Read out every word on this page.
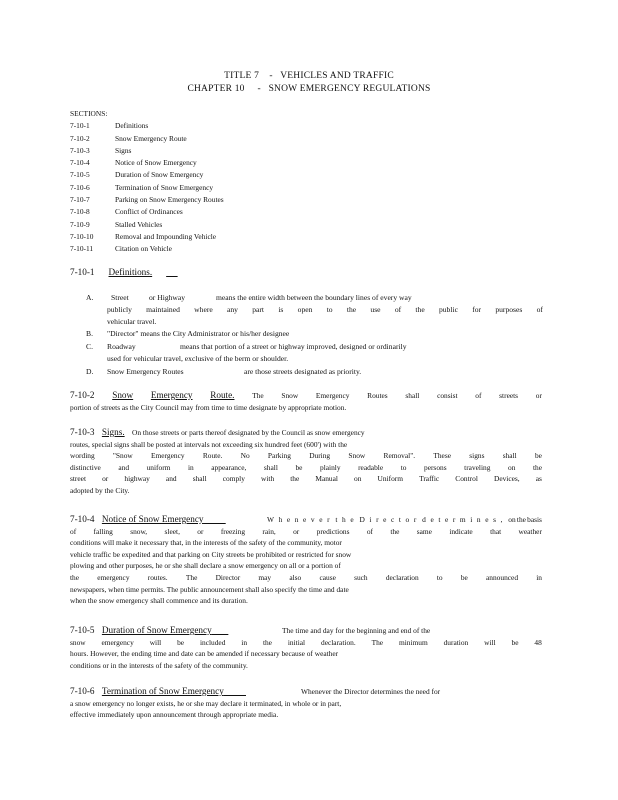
TITLE 7    -   VEHICLES AND TRAFFIC
CHAPTER 10     -   SNOW EMERGENCY REGULATIONS
SECTIONS:
7-10-1	Definitions
7-10-2	Snow Emergency Route
7-10-3	Signs
7-10-4	Notice of Snow Emergency
7-10-5	Duration of Snow Emergency
7-10-6	Termination of Snow Emergency
7-10-7	Parking on Snow Emergency Routes
7-10-8	Conflict of Ordinances
7-10-9	Stalled Vehicles
7-10-10	Removal and Impounding Vehicle
7-10-11	Citation on Vehicle
7-10-1 Definitions.
A. Street	or Highway	means the entire width between the boundary lines of every way
publicly maintained where any part is open to the use of the public for purposes of
vehicular travel.
B. "Director" means the City Administrator or his/her designee
C. Roadway	means that portion of a street or highway improved, designed or ordinarily
used for vehicular travel, exclusive of the berm or shoulder.
D. Snow Emergency Routes	are those streets designated as priority.
7-10-2 Snow Emergency Route. The Snow Emergency Routes shall consist of streets or
portion of streets as the City Council may from time to time designate by appropriate motion.
7-10-3 Signs. On those streets or parts thereof designated by the Council as snow emergency
routes, special signs shall be posted at intervals not exceeding six hundred feet (600') with the
wording "Snow Emergency Route. No Parking During Snow Removal". These signs shall be
distinctive and uniform in appearance, shall be plainly readable to persons traveling on the
street or highway and shall comply with the Manual on Uniform Traffic Control Devices, as
adopted by the City.
7-10-4 Notice of Snow Emergency	Whenever the Director determines, on the basis
of falling snow, sleet, or freezing rain, or predictions of the same indicate that weather
conditions will make it necessary that, in the interests of the safety of the community, motor
vehicle traffic be expedited and that parking on City streets be prohibited or restricted for snow
plowing and other purposes, he or she shall declare a snow emergency on all or a portion of
the emergency routes. The Director may also cause such declaration to be announced in
newspapers, when time permits. The public announcement shall also specify the time and date
when the snow emergency shall commence and its duration.
7-10-5 Duration of Snow Emergency	The time and day for the beginning and end of the
snow emergency will be included in the initial declaration. The minimum duration will be 48
hours. However, the ending time and date can be amended if necessary because of weather
conditions or in the interests of the safety of the community.
7-10-6 Termination of Snow Emergency	Whenever the Director determines the need for
a snow emergency no longer exists, he or she may declare it terminated, in whole or in part,
effective immediately upon announcement through appropriate media.
